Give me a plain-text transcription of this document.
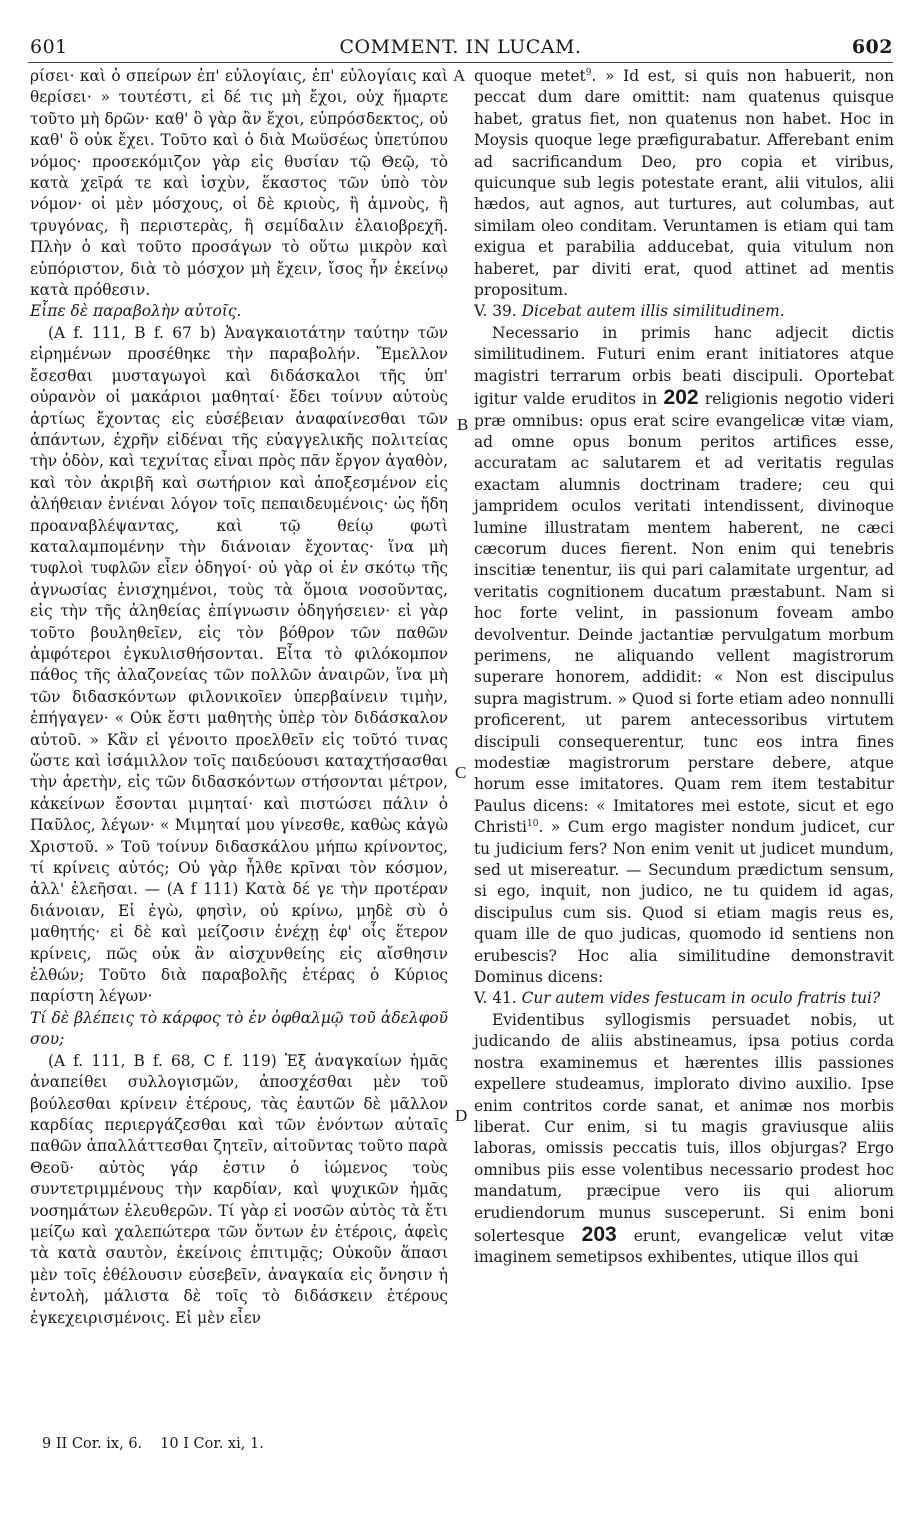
601	COMMENT. IN LUCAM.	602

ρίσει· καὶ ὁ σπείρων ἐπ' εὐλογίαις, ἐπ' εὐλογίαις καὶ θερίσει· » τουτέστι, εἰ δέ τις μὴ ἔχοι, οὐχ ἥμαρτε τοῦτο μὴ δρῶν· καθ' ὃ γὰρ ἂν ἔχοι, εὐπρόσδεκτος, οὐ καθ' ὃ οὐκ ἔχει. Τοῦτο καὶ ὁ διὰ Μωϋσέως ὑπετύπου νόμος· προσεκόμιζον γὰρ εἰς θυσίαν τῷ Θεῷ, τὸ κατὰ χεῖρά τε καὶ ἰσχὺν, ἕκαστος τῶν ὑπὸ τὸν νόμον· οἱ μὲν μόσχους, οἱ δὲ κριοὺς, ἢ ἀμνοὺς, ἢ τρυγόνας, ἢ περιστερὰς, ἢ σεμίδαλιν ἐλαιοβρεχῆ. Πλὴν ὁ καὶ τοῦτο προσάγων τὸ οὕτω μικρὸν καὶ εὐπόριστον, διὰ τὸ μόσχον μὴ ἔχειν, ἴσος ἦν ἐκείνῳ κατὰ πρόθεσιν.

Εἶπε δὲ παραβολὴν αὐτοῖς.

(A f. 111, B f. 67 b) Ἀναγκαιοτάτην ταύτην τῶν εἰρημένων προσέθηκε τὴν παραβολήν. Ἔμελλον ἔσεσθαι μυσταγωγοὶ καὶ διδάσκαλοι τῆς ὑπ' οὐρανὸν οἱ μακάριοι μαθηταί· ἔδει τοίνυν αὐτοὺς ἀρτίως ἔχοντας εἰς εὐσέβειαν ἀναφαίνεσθαι τῶν ἁπάντων, ἐχρῆν εἰδέναι τῆς εὐαγγελικῆς πολιτείας τὴν ὁδὸν, καὶ τεχνίτας εἶναι πρὸς πᾶν ἔργον ἀγαθὸν, καὶ τὸν ἀκριβῆ καὶ σωτήριον καὶ ἀποξεσμένον εἰς ἀλήθειαν ἐνιέναι λόγον τοῖς πεπαιδευμένοις· ὡς ἤδη προαναβλέψαντας, καὶ τῷ θείῳ φωτὶ καταλαμπομένην τὴν διάνοιαν ἔχοντας· ἵνα μὴ τυφλοὶ τυφλῶν εἶεν ὁδηγοί· οὐ γὰρ οἱ ἐν σκότῳ τῆς ἀγνωσίας ἐνισχημένοι, τοὺς τὰ ὅμοια νοσοῦντας, εἰς τὴν τῆς ἀληθείας ἐπίγνωσιν ὁδηγήσειεν· εἰ γὰρ τοῦτο βουληθεῖεν, εἰς τὸν βόθρον τῶν παθῶν ἀμφότεροι ἐγκυλισθήσονται. Εἶτα τὸ φιλόκομπον πάθος τῆς ἀλαζονείας τῶν πολλῶν ἀναιρῶν, ἵνα μὴ τῶν διδασκόντων φιλονικοῖεν ὑπερβαίνειν τιμὴν, ἐπήγαγεν· « Οὐκ ἔστι μαθητὴς ὑπὲρ τὸν διδάσκαλον αὐτοῦ. » Κἂν εἰ γένοιτο προελθεῖν εἰς τοῦτό τινας ὥστε καὶ ἰσάμιλλον τοῖς παιδεύουσι καταχτήσασθαι τὴν ἀρετὴν, εἰς τῶν διδασκόντων στήσονται μέτρον, κἀκείνων ἔσονται μιμηταί· καὶ πιστώσει πάλιν ὁ Παῦλος, λέγων· « Μιμηταί μου γίνεσθε, καθὼς κἀγὼ Χριστοῦ. » Τοῦ τοίνυν διδασκάλου μήπω κρίνοντος, τί κρίνεις αὐτός; Οὐ γὰρ ἦλθε κρῖναι τὸν κόσμον, ἀλλ' ἐλεῆσαι. — (A f 111) Κατὰ δέ γε τὴν προτέραν διάνοιαν, Εἰ ἐγὼ, φησὶν, οὐ κρίνω, μηδὲ σὺ ὁ μαθητής· εἰ δὲ καὶ μείζοσιν ἐνέχῃ ἐφ' οἷς ἕτερον κρίνεις, πῶς οὐκ ἂν αἰσχυνθείης εἰς αἴσθησιν ἐλθών; Τοῦτο διὰ παραβολῆς ἑτέρας ὁ Κύριος παρίστη λέγων·

Τί δὲ βλέπεις τὸ κάρφος τὸ ἐν ὀφθαλμῷ τοῦ ἀδελφοῦ σου;

(A f. 111, B f. 68, C f. 119) Ἐξ ἀναγκαίων ἡμᾶς ἀναπείθει συλλογισμῶν, ἀποσχέσθαι μὲν τοῦ βούλεσθαι κρίνειν ἑτέρους, τὰς ἑαυτῶν δὲ μᾶλλον καρδίας περιεργάζεσθαι καὶ τῶν ἐνόντων αὐταῖς παθῶν ἀπαλλάττεσθαι ζητεῖν, αἰτοῦντας τοῦτο παρὰ Θεοῦ· αὐτὸς γάρ ἐστιν ὁ ἰώμενος τοὺς συντετριμμένους τὴν καρδίαν, καὶ ψυχικῶν ἡμᾶς νοσημάτων ἐλευθερῶν. Τί γὰρ εἰ νοσῶν αὐτὸς τὰ ἔτι μείζω καὶ χαλεπώτερα τῶν ὄντων ἐν ἑτέροις, ἀφεὶς τὰ κατὰ σαυτὸν, ἐκείνοις ἐπιτιμᾷς; Οὐκοῦν ἅπασι μὲν τοῖς ἐθέλουσιν εὐσεβεῖν, ἀναγκαία εἰς ὄνησιν ἡ ἐντολὴ, μάλιστα δὲ τοῖς τὸ διδάσκειν ἑτέρους ἐγκεχειρισμένοις. Εἰ μὲν εἶεν

A
B
C
D

quoque metet$^9$. » Id est, si quis non habuerit, non peccat dum dare omittit: nam quatenus quisque habet, gratus fiet, non quatenus non habet. Hoc in Moysis quoque lege præfigurabatur. Afferebant enim ad sacrificandum Deo, pro copia et viribus, quicunque sub legis potestate erant, alii vitulos, alii hædos, aut agnos, aut turtures, aut columbas, aut similam oleo conditam. Veruntamen is etiam qui tam exigua et parabilia adducebat, quia vitulum non haberet, par diviti erat, quod attinet ad mentis propositum.

V. 39. Dicebat autem illis similitudinem.

Necessario in primis hanc adjecit dictis similitudinem. Futuri enim erant initiatores atque magistri terrarum orbis beati discipuli. Oportebat igitur valde eruditos in 202 religionis negotio videri præ omnibus: opus erat scire evangelicæ vitæ viam, ad omne opus bonum peritos artifices esse, accuratam ac salutarem et ad veritatis regulas exactam alumnis doctrinam tradere; ceu qui jampridem oculos veritati intendissent, divinoque lumine illustratam mentem haberent, ne cæci cæcorum duces fierent. Non enim qui tenebris inscitiæ tenentur, iis qui pari calamitate urgentur, ad veritatis cognitionem ducatum præstabunt. Nam si hoc forte velint, in passionum foveam ambo devolventur. Deinde jactantiæ pervulgatum morbum perimens, ne aliquando vellent magistrorum superare honorem, addidit: « Non est discipulus supra magistrum. » Quod si forte etiam adeo nonnulli proficerent, ut parem antecessoribus virtutem discipuli consequerentur, tunc eos intra fines modestiæ magistrorum perstare debere, atque horum esse imitatores. Quam rem item testabitur Paulus dicens: « Imitatores mei estote, sicut et ego Christi$^{10}$. » Cum ergo magister nondum judicet, cur tu judicium fers? Non enim venit ut judicet mundum, sed ut misereatur. — Secundum prædictum sensum, si ego, inquit, non judico, ne tu quidem id agas, discipulus cum sis. Quod si etiam magis reus es, quam ille de quo judicas, quomodo id sentiens non erubescis? Hoc alia similitudine demonstravit Dominus dicens:

V. 41. Cur autem vides festucam in oculo fratris tui?

Evidentibus syllogismis persuadet nobis, ut judicando de aliis abstineamus, ipsa potius corda nostra examinemus et hærentes illis passiones expellere studeamus, implorato divino auxilio. Ipse enim contritos corde sanat, et animæ nos morbis liberat. Cur enim, si tu magis graviusque aliis laboras, omissis peccatis tuis, illos objurgas? Ergo omnibus piis esse volentibus necessario prodest hoc mandatum, præcipue vero iis qui aliorum erudiendorum munus susceperunt. Si enim boni solertesque 203 erunt, evangelicæ velut vitæ imaginem semetipsos exhibentes, utique illos qui

9 II Cor. ix, 6. 10 I Cor. xi, 1.
